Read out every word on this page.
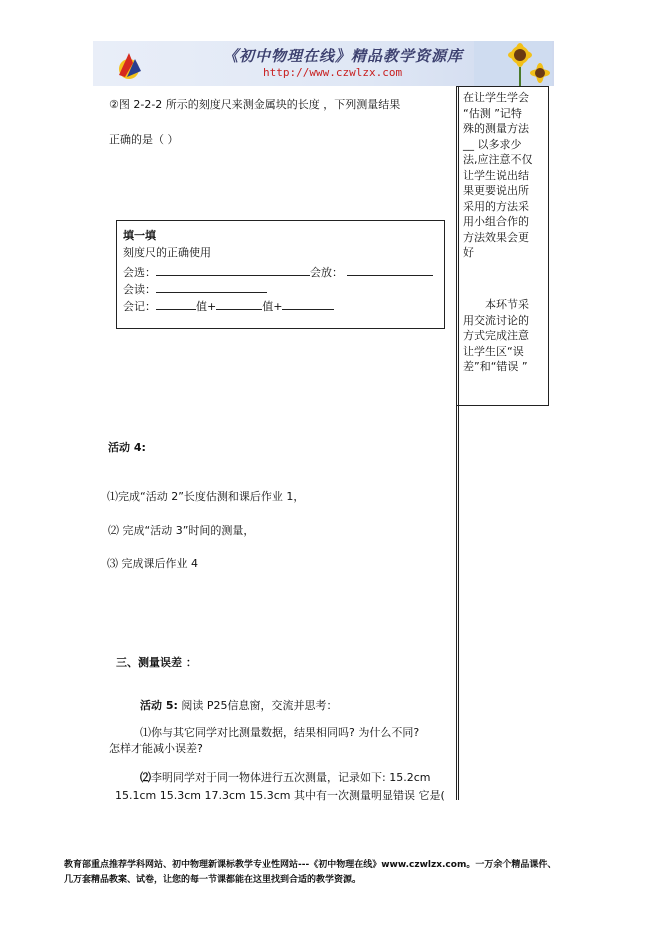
《初中物理在线》精品教学资源库
http://www.czwlzx.com
②图 2-2-2 所示的刻度尺来测金属块的长度 ，下列测量结果
正确的是（ ）
填一填
刻度尺的正确使用
会选：	会放：
会读：
会记：	值+	值+
活动 4:
⑴完成“活动 2”长度估测和课后作业 1，
⑵ 完成“活动 3”时间的测量，
⑶ 完成课后作业 4
三、测量误差 ：
活动 5: 阅读 P25信息窗，交流并思考：
⑴你与其它同学对比测量数据，结果相同吗? 为什么不同?
怎样才能减小误差?
⑵李明同学对于同一物体进行五次测量，记录如下: 15.2cm
15.1cm 15.3cm 17.3cm 15.3cm 其中有一次测量明显错误 它是(
在让学生学会
“估测 ”记特
殊的测量方法
__ 以多求少
法,应注意不仅
让学生说出结
果更要说出所
采用的方法采
用小组合作的
方法效果会更
好
本环节采
用交流讨论的
方式完成注意
让学生区“误
差”和“错误 ”
教育部重点推荐学科网站、初中物理新课标教学专业性网站---《初中物理在线》www.czwlzx.com。一万余个精品课件、
几万套精品教案、试卷，让您的每一节课都能在这里找到合适的教学资源。
